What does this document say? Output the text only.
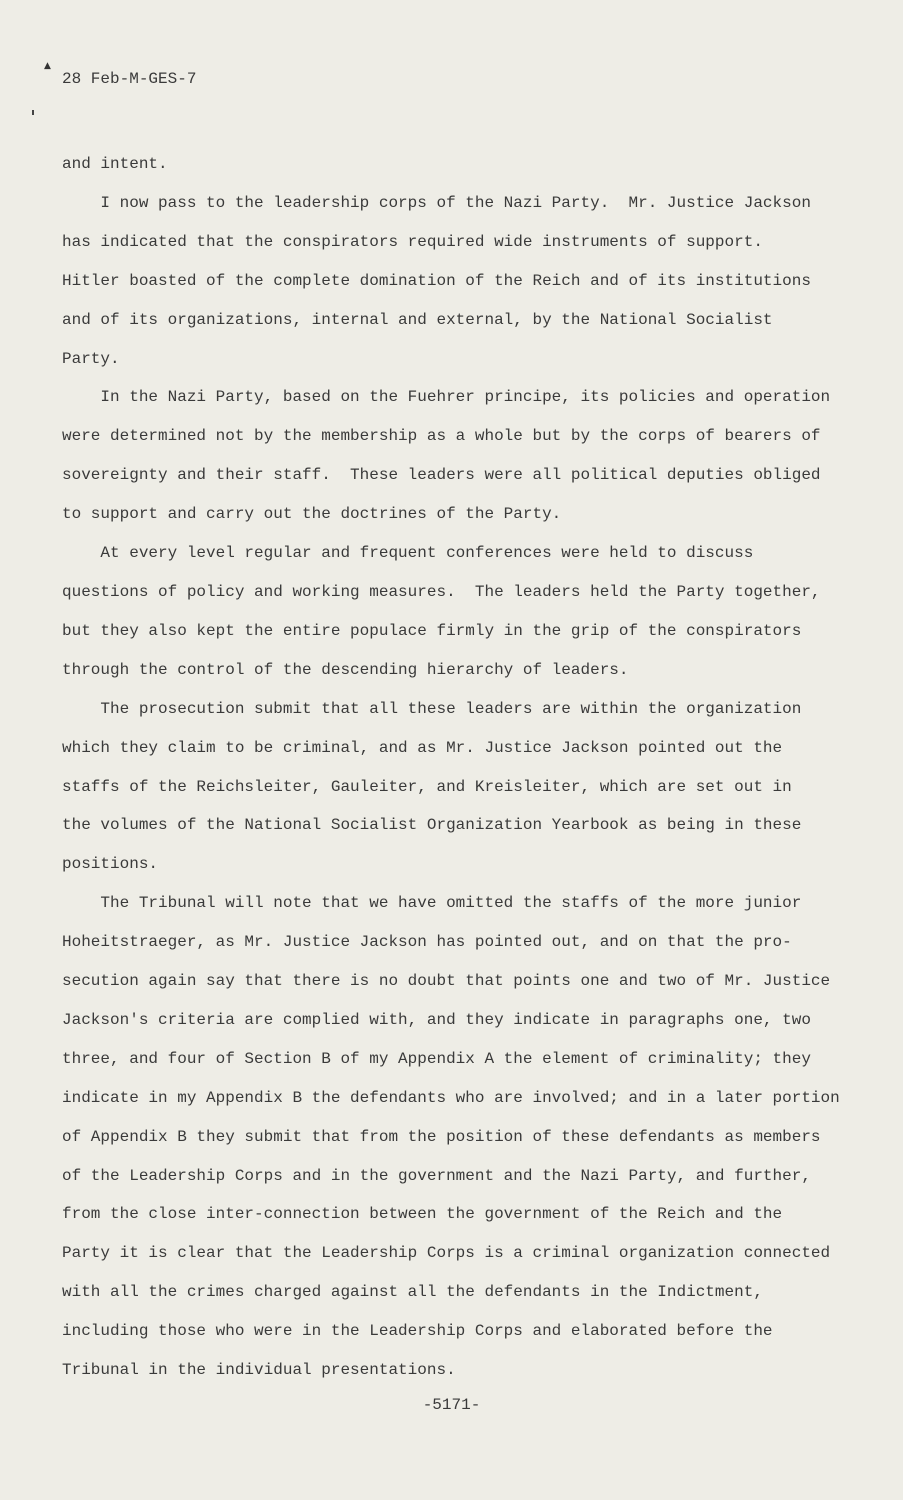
▲
28 Feb-M-GES-7

and intent.

I now pass to the leadership corps of the Nazi Party.  Mr. Justice Jackson
has indicated that the conspirators required wide instruments of support.
Hitler boasted of the complete domination of the Reich and of its institutions
and of its organizations, internal and external, by the National Socialist
Party.

In the Nazi Party, based on the Fuehrer principe, its policies and operation
were determined not by the membership as a whole but by the corps of bearers of
sovereignty and their staff.  These leaders were all political deputies obliged
to support and carry out the doctrines of the Party.

At every level regular and frequent conferences were held to discuss
questions of policy and working measures.  The leaders held the Party together,
but they also kept the entire populace firmly in the grip of the conspirators
through the control of the descending hierarchy of leaders.

The prosecution submit that all these leaders are within the organization
which they claim to be criminal, and as Mr. Justice Jackson pointed out the
staffs of the Reichsleiter, Gauleiter, and Kreisleiter, which are set out in
the volumes of the National Socialist Organization Yearbook as being in these
positions.

The Tribunal will note that we have omitted the staffs of the more junior
Hoheitstraeger, as Mr. Justice Jackson has pointed out, and on that the pro-
secution again say that there is no doubt that points one and two of Mr. Justice
Jackson's criteria are complied with, and they indicate in paragraphs one, two
three, and four of Section B of my Appendix A the element of criminality; they
indicate in my Appendix B the defendants who are involved; and in a later portion
of Appendix B they submit that from the position of these defendants as members
of the Leadership Corps and in the government and the Nazi Party, and further,
from the close inter-connection between the government of the Reich and the
Party it is clear that the Leadership Corps is a criminal organization connected
with all the crimes charged against all the defendants in the Indictment,
including those who were in the Leadership Corps and elaborated before the
Tribunal in the individual presentations.

-5171-
